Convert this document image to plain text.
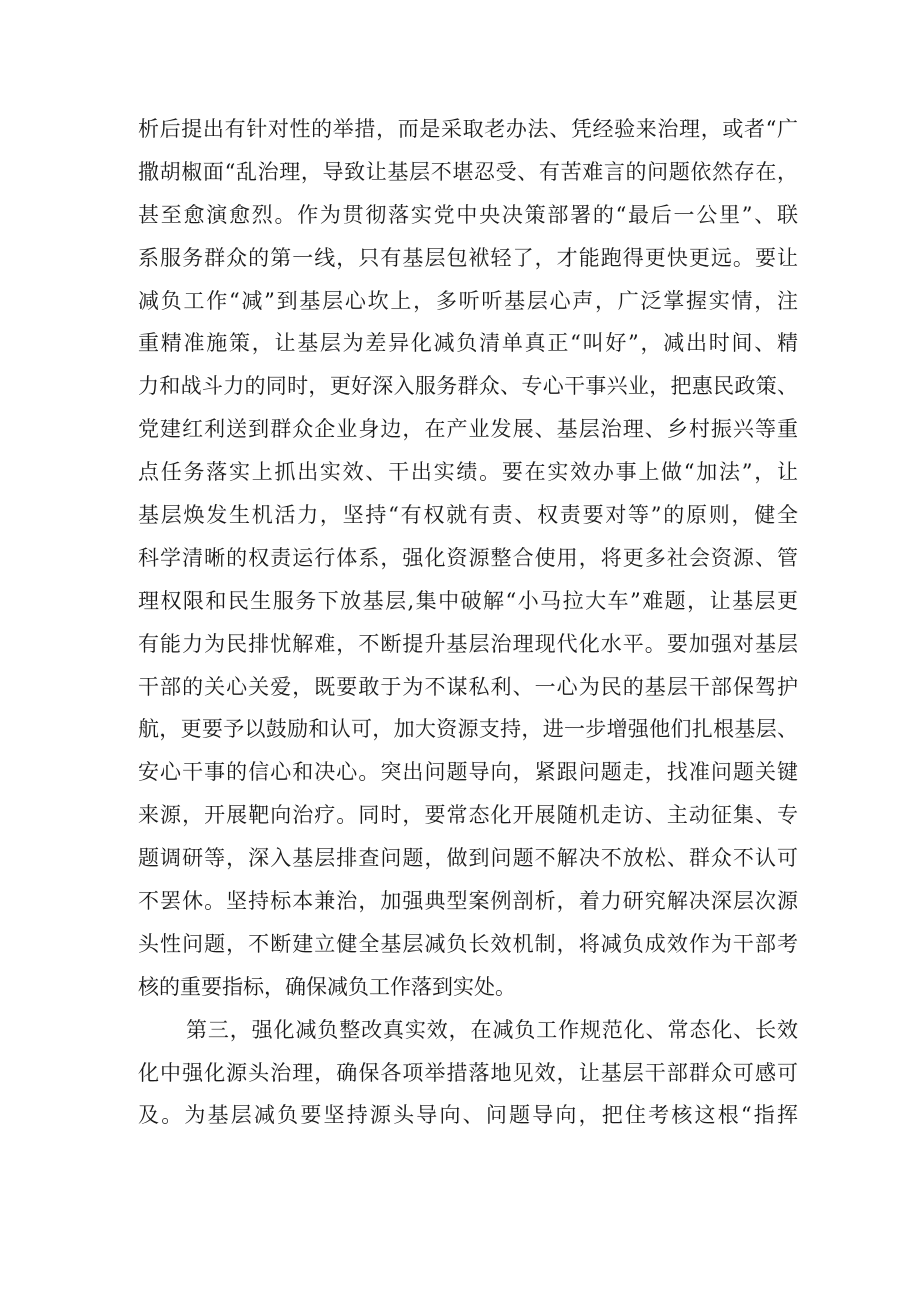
析后提出有针对性的举措，而是采取老办法、凭经验来治理，或者“广
撒胡椒面“乱治理，导致让基层不堪忍受、有苦难言的问题依然存在，
甚至愈演愈烈。作为贯彻落实党中央决策部署的“最后一公里”、联
系服务群众的第一线，只有基层包袱轻了，才能跑得更快更远。要让
减负工作“减”到基层心坎上，多听听基层心声，广泛掌握实情，注
重精准施策，让基层为差异化减负清单真正“叫好”，减出时间、精
力和战斗力的同时，更好深入服务群众、专心干事兴业，把惠民政策、
党建红利送到群众企业身边，在产业发展、基层治理、乡村振兴等重
点任务落实上抓出实效、干出实绩。要在实效办事上做“加法”，让
基层焕发生机活力，坚持“有权就有责、权责要对等”的原则，健全
科学清晰的权责运行体系，强化资源整合使用，将更多社会资源、管
理权限和民生服务下放基层,集中破解“小马拉大车”难题，让基层更
有能力为民排忧解难，不断提升基层治理现代化水平。要加强对基层
干部的关心关爱，既要敢于为不谋私利、一心为民的基层干部保驾护
航，更要予以鼓励和认可，加大资源支持，进一步增强他们扎根基层、
安心干事的信心和决心。突出问题导向，紧跟问题走，找准问题关键
来源，开展靶向治疗。同时，要常态化开展随机走访、主动征集、专
题调研等，深入基层排查问题，做到问题不解决不放松、群众不认可
不罢休。坚持标本兼治，加强典型案例剖析，着力研究解决深层次源
头性问题，不断建立健全基层减负长效机制，将减负成效作为干部考
核的重要指标，确保减负工作落到实处。
第三，强化减负整改真实效，在减负工作规范化、常态化、长效
化中强化源头治理，确保各项举措落地见效，让基层干部群众可感可
及。为基层减负要坚持源头导向、问题导向，把住考核这根“指挥
